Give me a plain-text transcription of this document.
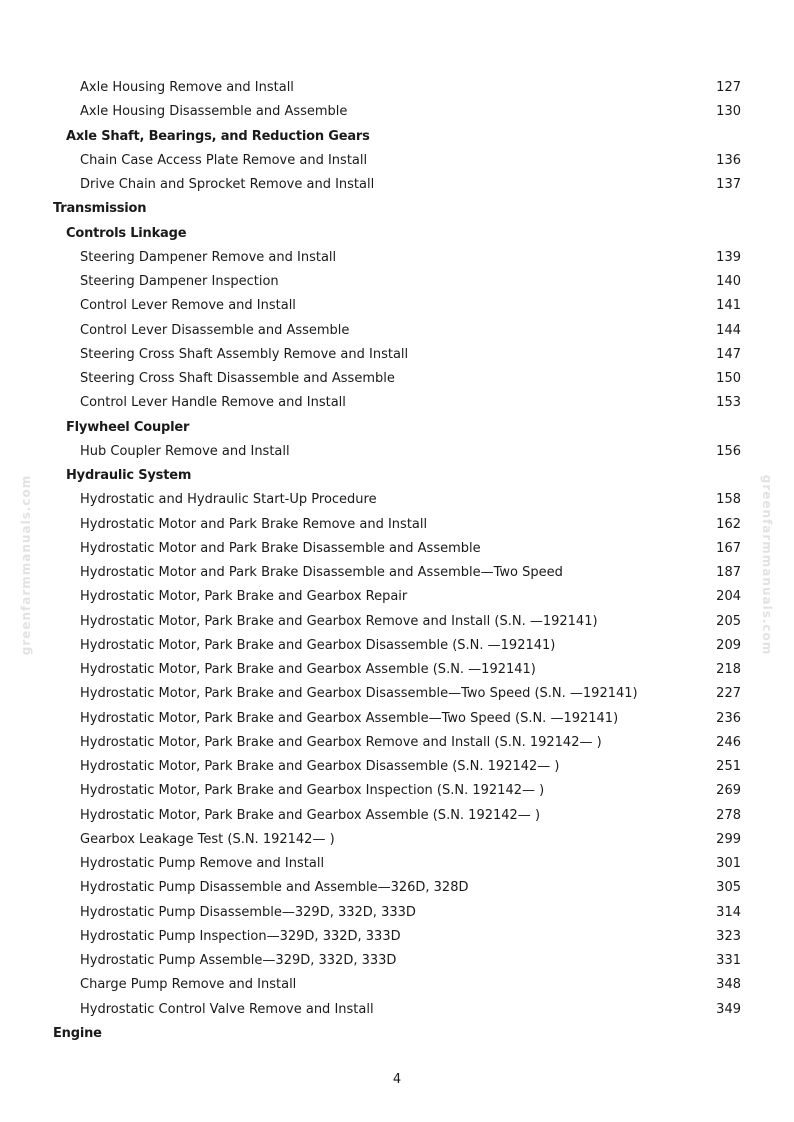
Axle Housing Remove and Install	127
Axle Housing Disassemble and Assemble	130
Axle Shaft, Bearings, and Reduction Gears
Chain Case Access Plate Remove and Install	136
Drive Chain and Sprocket Remove and Install	137
Transmission
Controls Linkage
Steering Dampener Remove and Install	139
Steering Dampener Inspection	140
Control Lever Remove and Install	141
Control Lever Disassemble and Assemble	144
Steering Cross Shaft Assembly Remove and Install	147
Steering Cross Shaft Disassemble and Assemble	150
Control Lever Handle Remove and Install	153
Flywheel Coupler
Hub Coupler Remove and Install	156
Hydraulic System
Hydrostatic and Hydraulic Start-Up Procedure	158
Hydrostatic Motor and Park Brake Remove and Install	162
Hydrostatic Motor and Park Brake Disassemble and Assemble	167
Hydrostatic Motor and Park Brake Disassemble and Assemble—Two Speed	187
Hydrostatic Motor, Park Brake and Gearbox Repair	204
Hydrostatic Motor, Park Brake and Gearbox Remove and Install (S.N. —192141)	205
Hydrostatic Motor, Park Brake and Gearbox Disassemble (S.N. —192141)	209
Hydrostatic Motor, Park Brake and Gearbox Assemble (S.N. —192141)	218
Hydrostatic Motor, Park Brake and Gearbox Disassemble—Two Speed (S.N. —192141)	227
Hydrostatic Motor, Park Brake and Gearbox Assemble—Two Speed (S.N. —192141)	236
Hydrostatic Motor, Park Brake and Gearbox Remove and Install (S.N. 192142— )	246
Hydrostatic Motor, Park Brake and Gearbox Disassemble (S.N. 192142— )	251
Hydrostatic Motor, Park Brake and Gearbox Inspection (S.N. 192142— )	269
Hydrostatic Motor, Park Brake and Gearbox Assemble (S.N. 192142— )	278
Gearbox Leakage Test (S.N. 192142— )	299
Hydrostatic Pump Remove and Install	301
Hydrostatic Pump Disassemble and Assemble—326D, 328D	305
Hydrostatic Pump Disassemble—329D, 332D, 333D	314
Hydrostatic Pump Inspection—329D, 332D, 333D	323
Hydrostatic Pump Assemble—329D, 332D, 333D	331
Charge Pump Remove and Install	348
Hydrostatic Control Valve Remove and Install	349
Engine
4
greenfarmmanuals.com	greenfarmmanuals.com
